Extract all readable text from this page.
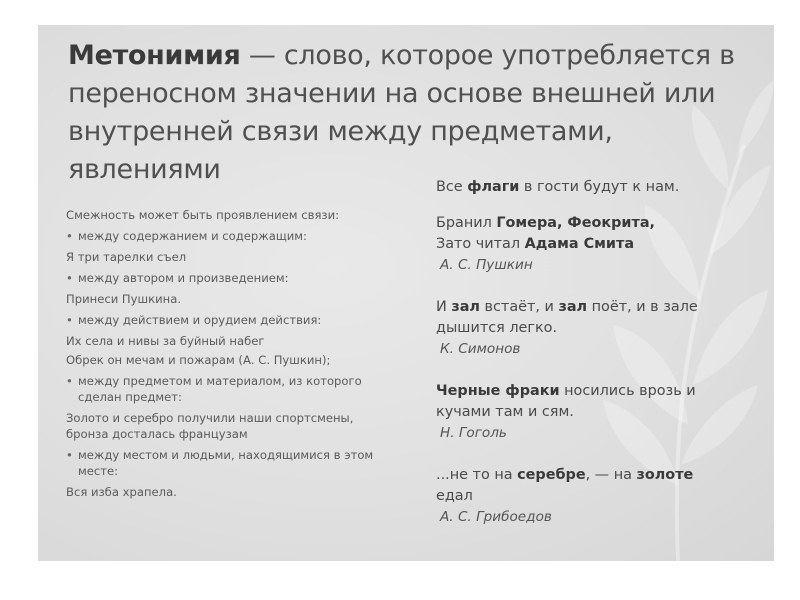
Метонимия — слово, которое употребляется в переносном значении на основе внешней или внутренней связи между предметами, явлениями

Смежность может быть проявлением связи:

• между содержанием и содержащим:

Я три тарелки съел

• между автором и произведением:

Принеси Пушкина.

• между действием и орудием действия:

Их села и нивы за буйный набег

Обрек он мечам и пожарам (А. С. Пушкин);

• между предметом и материалом, из которого сделан предмет:

Золото и серебро получили наши спортсмены, бронза досталась французам

• между местом и людьми, находящимися в этом месте:

Вся изба храпела.

Все флаги в гости будут к нам.

Бранил Гомера, Феокрита,

Зато читал Адама Смита

А. С. Пушкин

И зал встаёт, и зал поёт, и в зале

дышится легко.

К. Симонов

Черные фраки носились врозь и

кучами там и сям.

Н. Гоголь

...не то на серебре, — на золоте

едал

А. С. Грибоедов
